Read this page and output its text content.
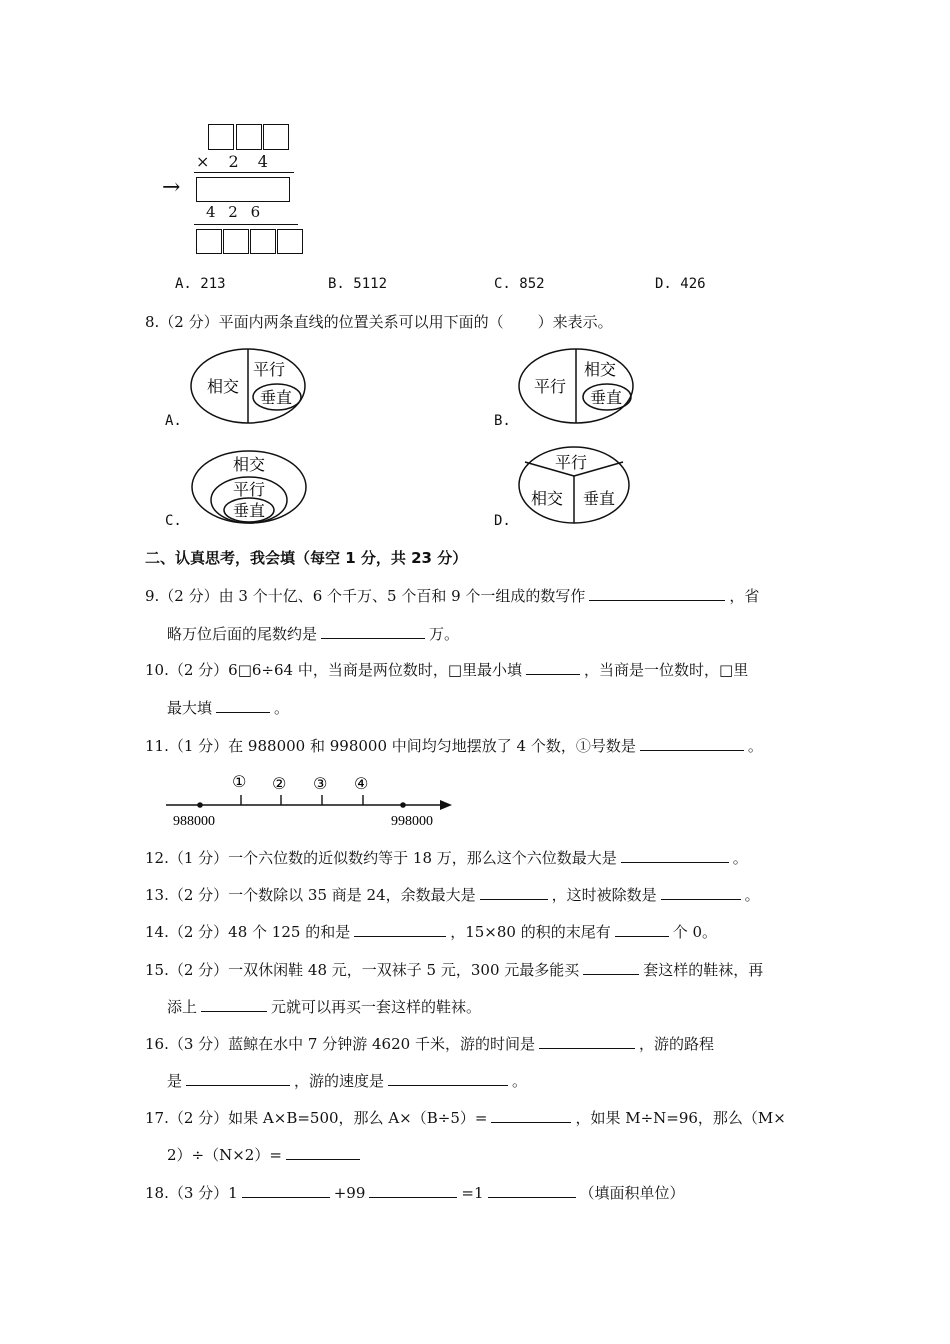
× 2 4
→
4 2 6
A. 213	B. 5112	C. 852	D. 426
8.（2 分）平面内两条直线的位置关系可以用下面的（ ）来表示。
相交
平行
垂直
A.
平行
相交
垂直
B.
相交
平行
垂直
C.
平行
相交 垂直
D.
二、认真思考，我会填（每空 1 分，共 23 分）
9.（2 分）由 3 个十亿、6 个千万、5 个百和 9 个一组成的数写作	，省
略万位后面的尾数约是	万。
10.（2 分）6□6÷64 中，当商是两位数时，□里最小填	，当商是一位数时，□里
最大填	。
11.（1 分）在 988000 和 998000 中间均匀地摆放了 4 个数，①号数是	。
① ② ③ ④
988000	998000
12.（1 分）一个六位数的近似数约等于 18 万，那么这个六位数最大是	。
13.（2 分）一个数除以 35 商是 24，余数最大是	，这时被除数是	。
14.（2 分）48 个 125 的和是	，15×80 的积的末尾有	个 0。
15.（2 分）一双休闲鞋 48 元，一双袜子 5 元，300 元最多能买	套这样的鞋袜，再
添上	元就可以再买一套这样的鞋袜。
16.（3 分）蓝鲸在水中 7 分钟游 4620 千米，游的时间是	，游的路程
是	，游的速度是	。
17.（2 分）如果 A×B=500，那么 A×（B÷5）=	，如果 M÷N=96，那么（M×
2）÷（N×2）=
18.（3 分）1	+99	=1	（填面积单位）
